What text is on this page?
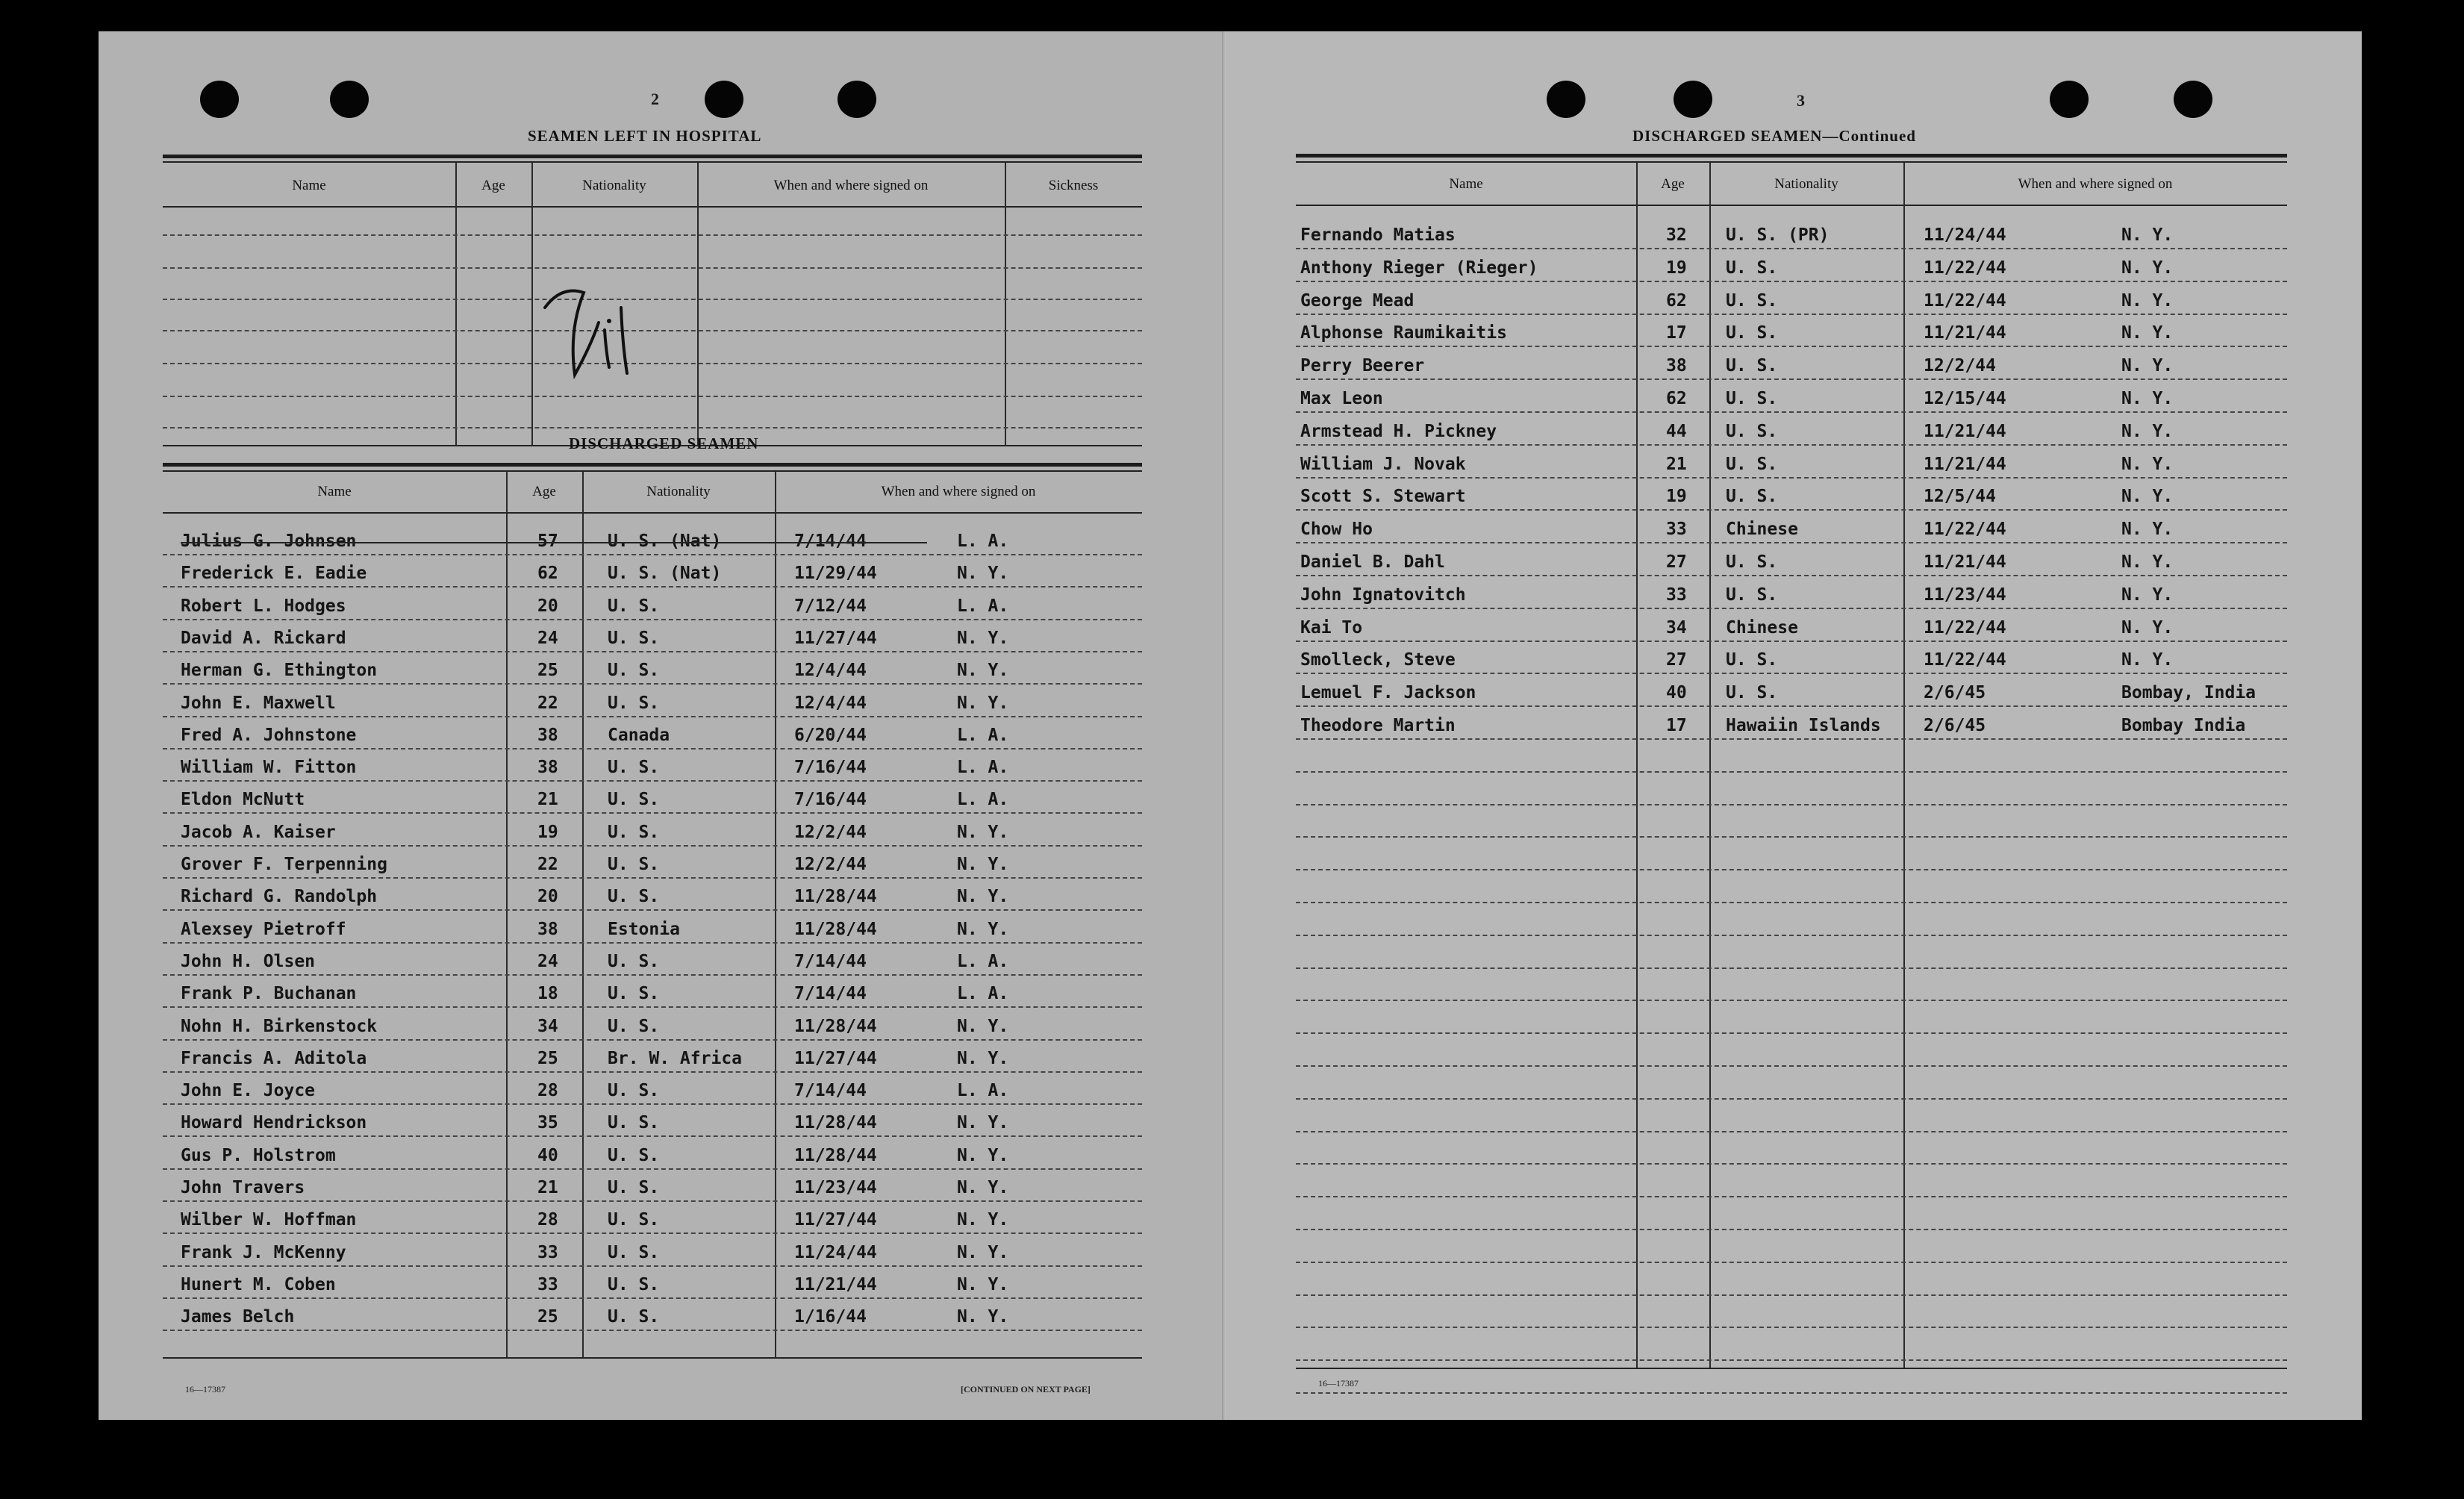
2
SEAMEN LEFT IN HOSPITAL
Name	Age	Nationality	When and where signed on	Sickness
Nil
DISCHARGED SEAMEN
Name	Age	Nationality	When and where signed on
Julius G. Johnsen	57	U. S. (Nat)	7/14/44	L. A.
Frederick E. Eadie	62	U. S. (Nat)	11/29/44	N. Y.
Robert L. Hodges	20	U. S.	7/12/44	L. A.
David A. Rickard	24	U. S.	11/27/44	N. Y.
Herman G. Ethington	25	U. S.	12/4/44	N. Y.
John E. Maxwell	22	U. S.	12/4/44	N. Y.
Fred A. Johnstone	38	Canada	6/20/44	L. A.
William W. Fitton	38	U. S.	7/16/44	L. A.
Eldon McNutt	21	U. S.	7/16/44	L. A.
Jacob A. Kaiser	19	U. S.	12/2/44	N. Y.
Grover F. Terpenning	22	U. S.	12/2/44	N. Y.
Richard G. Randolph	20	U. S.	11/28/44	N. Y.
Alexsey Pietroff	38	Estonia	11/28/44	N. Y.
John H. Olsen	24	U. S.	7/14/44	L. A.
Frank P. Buchanan	18	U. S.	7/14/44	L. A.
Nohn H. Birkenstock	34	U. S.	11/28/44	N. Y.
Francis A. Aditola	25	Br. W. Africa	11/27/44	N. Y.
John E. Joyce	28	U. S.	7/14/44	L. A.
Howard Hendrickson	35	U. S.	11/28/44	N. Y.
Gus P. Holstrom	40	U. S.	11/28/44	N. Y.
John Travers	21	U. S.	11/23/44	N. Y.
Wilber W. Hoffman	28	U. S.	11/27/44	N. Y.
Frank J. McKenny	33	U. S.	11/24/44	N. Y.
Hunert M. Coben	33	U. S.	11/21/44	N. Y.
James Belch	25	U. S.	1/16/44	N. Y.
16—17387	[CONTINUED ON NEXT PAGE]
3
DISCHARGED SEAMEN—Continued
Name	Age	Nationality	When and where signed on
Fernando Matias	32 U. S. (PR)	11/24/44	N. Y.
Anthony Rieger (Rieger)	19 U. S.	11/22/44	N. Y.
George Mead	62 U. S.	11/22/44	N. Y.
Alphonse Raumikaitis	17 U. S.	11/21/44	N. Y.
Perry Beerer	38 U. S.	12/2/44	N. Y.
Max Leon	62 U. S.	12/15/44	N. Y.
Armstead H. Pickney	44 U. S.	11/21/44	N. Y.
William J. Novak	21 U. S.	11/21/44	N. Y.
Scott S. Stewart	19 U. S.	12/5/44	N. Y.
Chow Ho	33 Chinese	11/22/44	N. Y.
Daniel B. Dahl	27 U. S.	11/21/44	N. Y.
John Ignatovitch	33 U. S.	11/23/44	N. Y.
Kai To	34 Chinese	11/22/44	N. Y.
Smolleck, Steve	27 U. S.	11/22/44	N. Y.
Lemuel F. Jackson	40 U. S.	2/6/45	Bombay, India
Theodore Martin	17 Hawaiin Islands 2/6/45	Bombay India
16—17387
